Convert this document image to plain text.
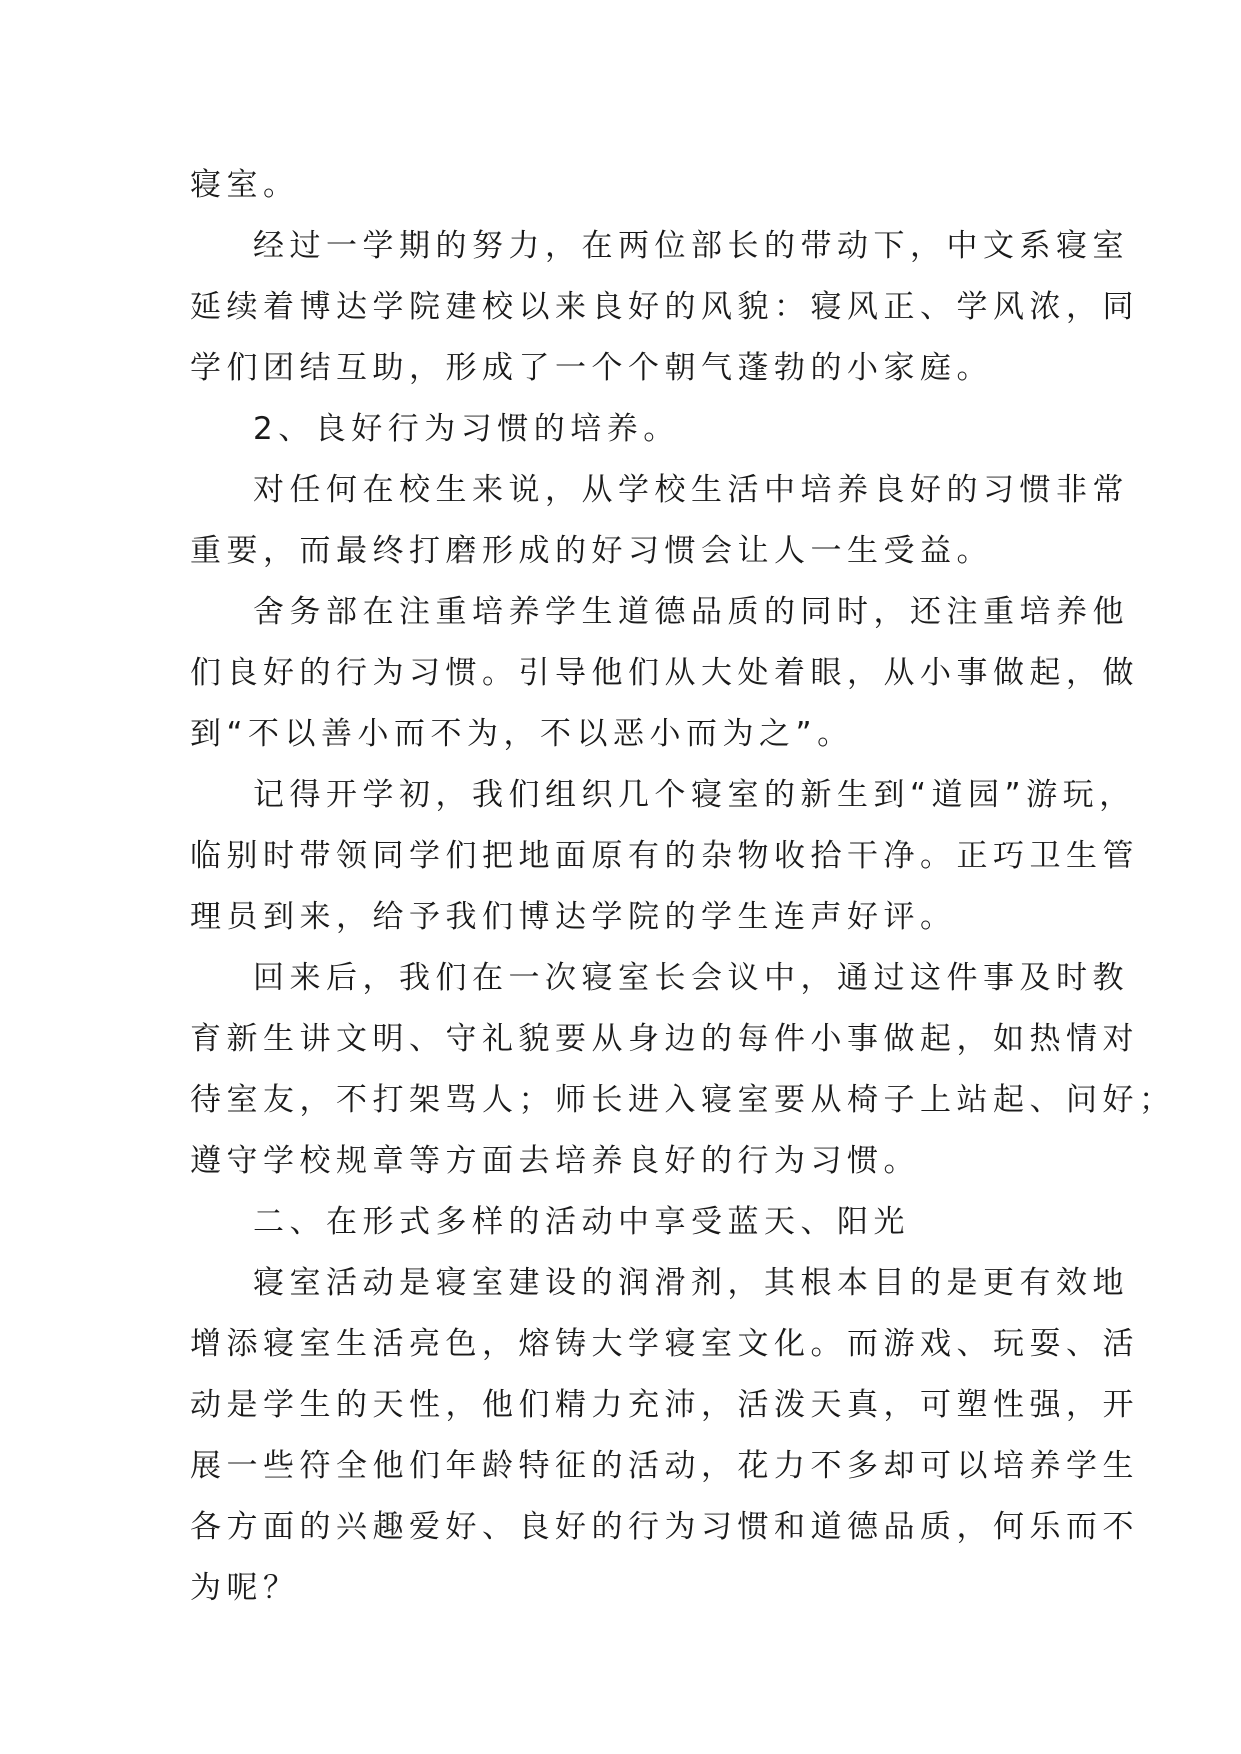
寝室。
经过一学期的努力，在两位部长的带动下，中文系寝室
延续着博达学院建校以来良好的风貌：寝风正、学风浓，同
学们团结互助，形成了一个个朝气蓬勃的小家庭。
2、良好行为习惯的培养。
对任何在校生来说，从学校生活中培养良好的习惯非常
重要，而最终打磨形成的好习惯会让人一生受益。
舍务部在注重培养学生道德品质的同时，还注重培养他
们良好的行为习惯。引导他们从大处着眼，从小事做起，做
到“不以善小而不为，不以恶小而为之”。
记得开学初，我们组织几个寝室的新生到“道园”游玩，
临别时带领同学们把地面原有的杂物收拾干净。正巧卫生管
理员到来，给予我们博达学院的学生连声好评。
回来后，我们在一次寝室长会议中，通过这件事及时教
育新生讲文明、守礼貌要从身边的每件小事做起，如热情对
待室友，不打架骂人；师长进入寝室要从椅子上站起、问好；
遵守学校规章等方面去培养良好的行为习惯。
二、在形式多样的活动中享受蓝天、阳光
寝室活动是寝室建设的润滑剂，其根本目的是更有效地
增添寝室生活亮色，熔铸大学寝室文化。而游戏、玩耍、活
动是学生的天性，他们精力充沛，活泼天真，可塑性强，开
展一些符全他们年龄特征的活动，花力不多却可以培养学生
各方面的兴趣爱好、良好的行为习惯和道德品质，何乐而不
为呢？
